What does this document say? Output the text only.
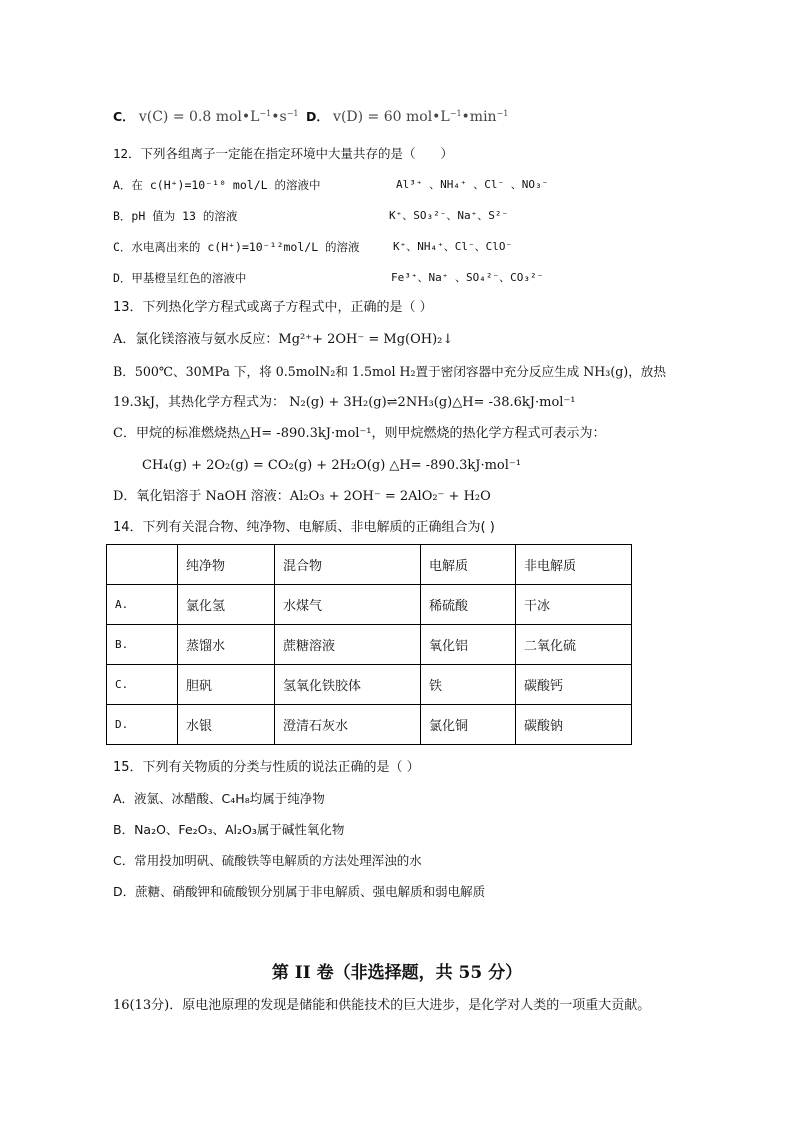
C． v(C) = 0.8 $mol•L^{-1}•s^{-1}$ D． v(D) = 60 $mol•L^{-1}•\min^{-1}$
12．下列各组离子一定能在指定环境中大量共存的是（　　）
A．在 c(H⁺)=10⁻¹⁰ mol/L 的溶液中	Al³⁺ 、NH₄⁺ 、Cl⁻ 、NO₃⁻
B．pH 值为 13 的溶液	K⁺、SO₃²⁻、Na⁺、S²⁻
C．水电离出来的 c(H⁺)=10⁻¹²mol/L 的溶液	K⁺、NH₄⁺、Cl⁻、ClO⁻
D．甲基橙呈红色的溶液中	Fe³⁺、Na⁺ 、SO₄²⁻、CO₃²⁻
13．下列热化学方程式或离子方程式中，正确的是（ ）
A．氯化镁溶液与氨水反应：Mg²⁺+ 2OH⁻ = Mg(OH)₂↓
B．500℃、30MPa 下，将 0.5molN₂和 1.5mol H₂置于密闭容器中充分反应生成 NH₃(g)，放热
19.3kJ，其热化学方程式为： N₂(g) + 3H₂(g)⇌2NH₃(g)△H= -38.6kJ·mol⁻¹
C．甲烷的标准燃烧热△H= -890.3kJ·mol⁻¹，则甲烷燃烧的热化学方程式可表示为：
CH₄(g) + 2O₂(g) = CO₂(g) + 2H₂O(g) △H= -890.3kJ·mol⁻¹
D．氧化铝溶于 NaOH 溶液：Al₂O₃ + 2OH⁻ = 2AlO₂⁻ + H₂O
14．下列有关混合物、纯净物、电解质、非电解质的正确组合为( )
	纯净物	混合物	电解质	非电解质
A.	氯化氢	水煤气	稀硫酸	干冰
B.	蒸馏水	蔗糖溶液	氧化铝	二氧化硫
C.	胆矾	氢氧化铁胶体	铁	碳酸钙
D.	水银	澄清石灰水	氯化铜	碳酸钠
15．下列有关物质的分类与性质的说法正确的是（ ）
A．液氯、冰醋酸、C₄H₈均属于纯净物
B．Na₂O、Fe₂O₃、Al₂O₃属于碱性氧化物
C．常用投加明矾、硫酸铁等电解质的方法处理浑浊的水
D．蔗糖、硝酸钾和硫酸钡分别属于非电解质、强电解质和弱电解质
第 II 卷（非选择题，共 55 分）
16(13分)．原电池原理的发现是储能和供能技术的巨大进步，是化学对人类的一项重大贡献。
